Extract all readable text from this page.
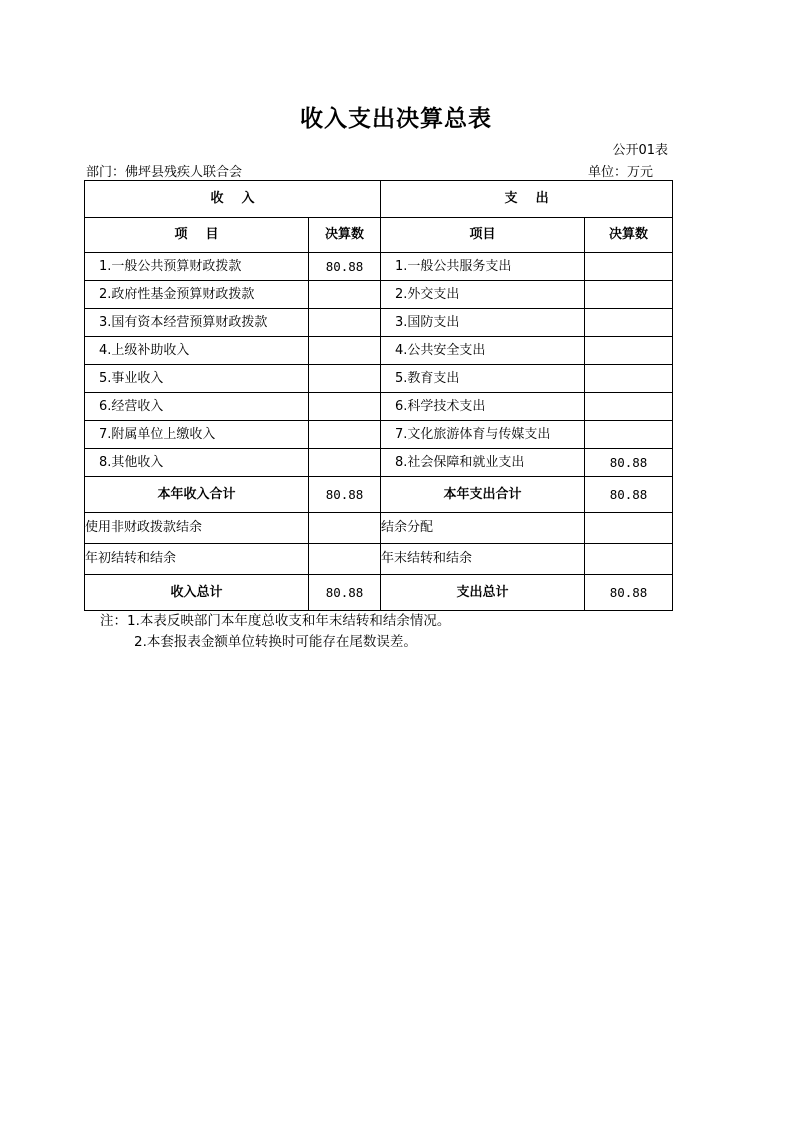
收入支出决算总表
公开01表
部门：佛坪县残疾人联合会	单位：万元
收    入		支    出	
项    目	决算数	项目	决算数
1.一般公共预算财政拨款	80.88	1.一般公共服务支出	
2.政府性基金预算财政拨款		2.外交支出	
3.国有资本经营预算财政拨款		3.国防支出	
4.上级补助收入		4.公共安全支出	
5.事业收入		5.教育支出	
6.经营收入		6.科学技术支出	
7.附属单位上缴收入		7.文化旅游体育与传媒支出	
8.其他收入		8.社会保障和就业支出	80.88
本年收入合计	80.88	本年支出合计	80.88
使用非财政拨款结余		结余分配	
年初结转和结余		年末结转和结余	
收入总计	80.88	支出总计	80.88
注：1.本表反映部门本年度总收支和年末结转和结余情况。
2.本套报表金额单位转换时可能存在尾数误差。
